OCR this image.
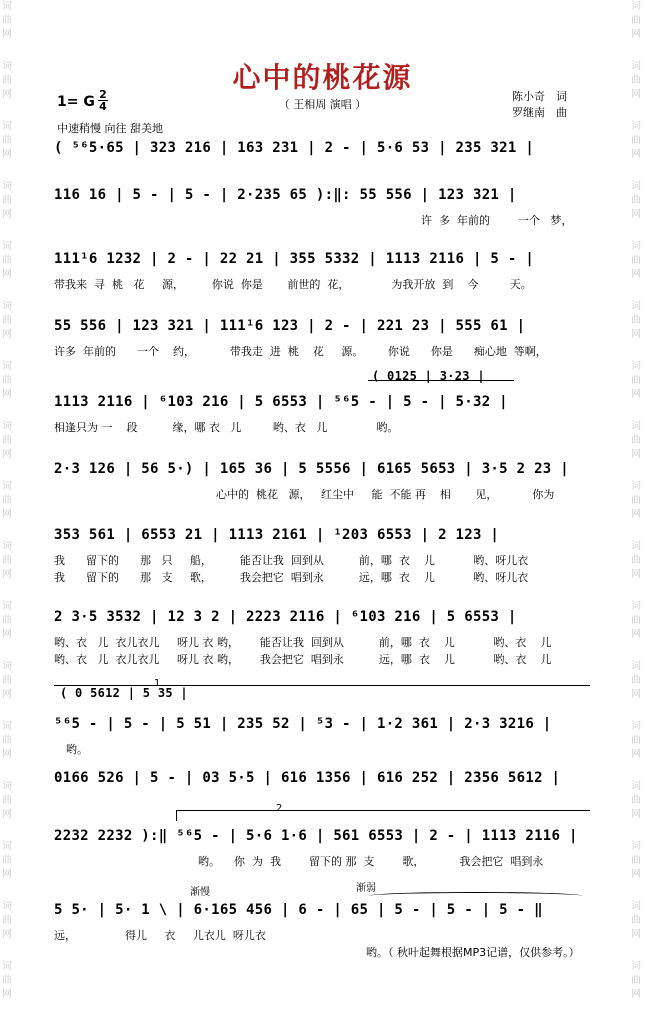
词
曲
网
词
曲
网
词
曲
网
词
曲
网
词
曲
网
词
曲
网
词
曲
网
词
曲
网
词
曲
网
词
曲
网
词
曲
网
词
曲
网
词
曲
网
词
曲
网
词
曲
网
词
曲
网
词
曲
网
词
曲
网
词
曲
网
词
曲
网
词
曲
网
词
曲
网
词
曲
网
词
曲
网
词
曲
网
词
曲
网
词
曲
网
词
曲
网
词
曲
网
词
曲
网
词
曲
网
词
曲
网
词
曲
网
词
曲
网
心中的桃花源
（ 王相周 演唱 ）
陈小奇　词
罗继南　曲
1= G 2
4
中速稍慢 向往 甜美地
1
2
渐慢	渐弱
( ⁵⁶5·65 | 323 216 | 163 231 | 2 - | 5·6 53 | 235 321 |
116 16 | 5 - | 5 - | 2·235 65 ):‖: 55 556 | 123 321 |
许  多  年前的        一个   梦，
111¹6 1232 | 2 - | 22 21 | 355 5332 | 1113 2116 | 5 - |
带我来  寻  桃   花     源，        你说  你是       前世的  花，            为我开放  到    今         天。
55 556 | 123 321 | 111¹6 123 | 2 - | 221 23 | 555 61 |
许多  年前的      一个    约，          带我走  进  桃    花     源。       你说      你是      痴心地  等啊，
( 0125 | 3·23 |
1113 2116 | ⁶103 216 | 5 6553 | ⁵⁶5 - | 5 - | 5·32 |
相逢只为 一    段          缘，哪 衣   儿         哟、衣   儿              哟。
2·3 126 | 56 5·) | 165 36 | 5 5556 | 6165 5653 | 3·5 2 23 |
心中的  桃花   源，   红尘中     能  不能 再    相       见，          你为
353 561 | 6553 21 | 1113 2161 | ¹203 6553 | 2 123 |
我      留下的      那   只     船，        能否让我  回到从          前，哪  衣    儿           哟、呀儿衣
我      留下的      那   支     歌，        我会把它  唱到永          远，哪  衣    儿           哟、呀儿衣
2 3·5 3532 | 12 3 2 | 2223 2116 | ⁶103 216 | 5 6553 |
哟、衣   儿  衣儿衣儿     呀儿 衣 哟，      能否让我  回到从          前，哪  衣    儿           哟、衣    儿
哟、衣   儿  衣儿衣儿     呀儿 衣 哟，      我会把它  唱到永          远，哪  衣    儿           哟、衣    儿
( 0 5612 | 5 35 |
⁵⁶5 - | 5 - | 5 51 | 235 52 | ⁵3 - | 1·2 361 | 2·3 3216 |
哟。
0166 526 | 5 - | 03 5·5 | 616 1356 | 616 252 | 2356 5612 |
2232 2232 ):‖ ⁵⁶5 - | 5·6 1·6 | 561 6553 | 2 - | 1113 2116 |
哟。    你  为  我        留下的 那  支        歌，          我会把它  唱到永
5 5· | 5· 1 \ | 6·165 456 | 6 - | 65 | 5 - | 5 - | 5 - ‖
远，              得儿     衣     儿衣儿  呀儿衣
哟。（ 秋叶起舞根据MP3记谱，仅供参考。）
